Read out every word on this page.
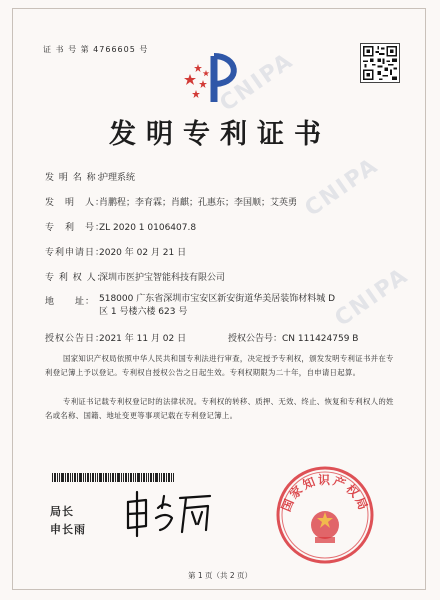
CNIPA
CNIPA
CNIPA
证 书 号 第 4766605 号
发明专利证书
发 明 名 称：护理系统
发　明　人：肖鹏程；李育霖；肖麒；孔惠东；李国顺；艾英勇
专　利　号：ZL 2020 1 0106407.8
专利申请日：2020 年 02 月 21 日
专 利 权 人：深圳市医护宝智能科技有限公司
地　　址： 518000 广东省深圳市宝安区新安街道华美居装饰材料城 D
区 1 号楼六楼 623 号
授权公告日：2021 年 11 月 02 日	授权公告号：CN 111424759 B
国家知识产权局依照中华人民共和国专利法进行审查，决定授予专利权，颁发发明专利证书并在专利登记簿上予以登记。专利权自授权公告之日起生效。专利权期限为二十年，自申请日起算。
专利证书记载专利权登记时的法律状况。专利权的转移、质押、无效、终止、恢复和专利权人的姓名或名称、国籍、地址变更等事项记载在专利登记簿上。
局长
申长雨
国家知识产权局
第 1 页（共 2 页）
